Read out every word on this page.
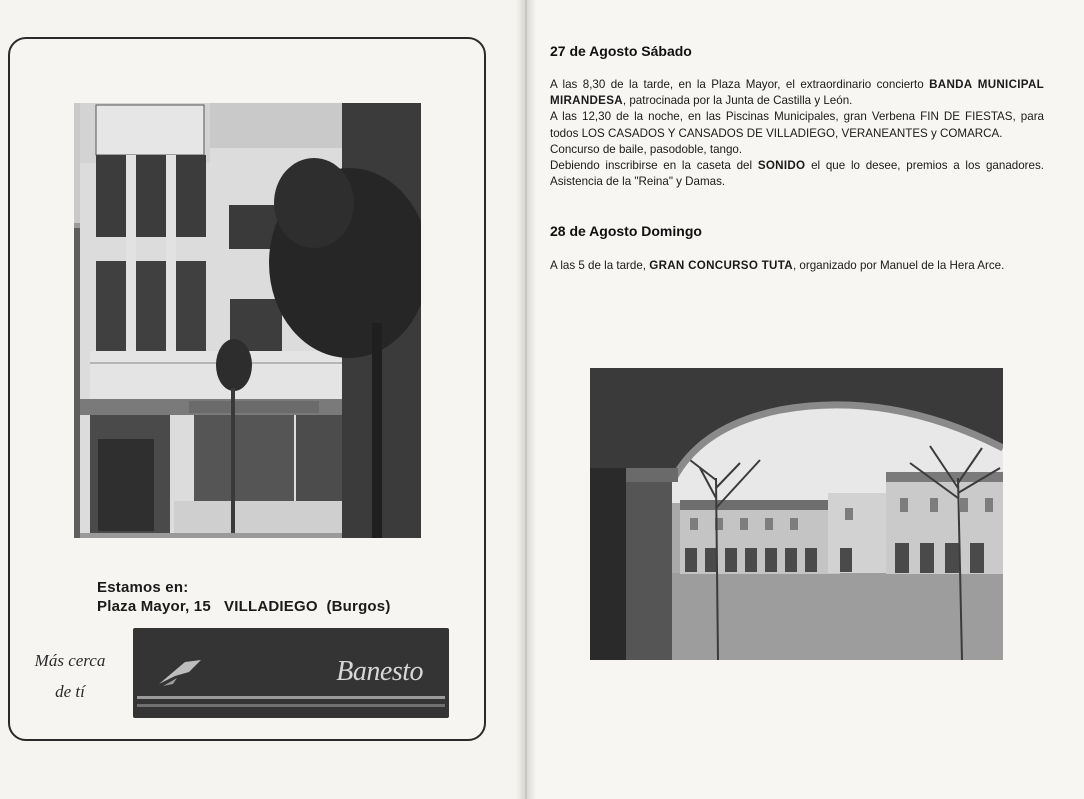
Estamos en:
Plaza Mayor, 15 VILLADIEGO (Burgos)
Más cerca
de tí
Banesto
27 de Agosto Sábado

A las 8,30 de la tarde, en la Plaza Mayor, el extraordinario concierto BANDA MUNICIPAL MIRANDESA, patrocinada por la Junta de Castilla y León.

A las 12,30 de la noche, en las Piscinas Municipales, gran Verbena FIN DE FIESTAS, para todos LOS CASADOS Y CANSADOS DE VILLADIEGO, VERANEANTES y COMARCA.

Concurso de baile, pasodoble, tango.

Debiendo inscribirse en la caseta del SONIDO el que lo desee, premios a los ganadores. Asistencia de la "Reina" y Damas.

28 de Agosto Domingo

A las 5 de la tarde, GRAN CONCURSO TUTA, organizado por Manuel de la Hera Arce.
